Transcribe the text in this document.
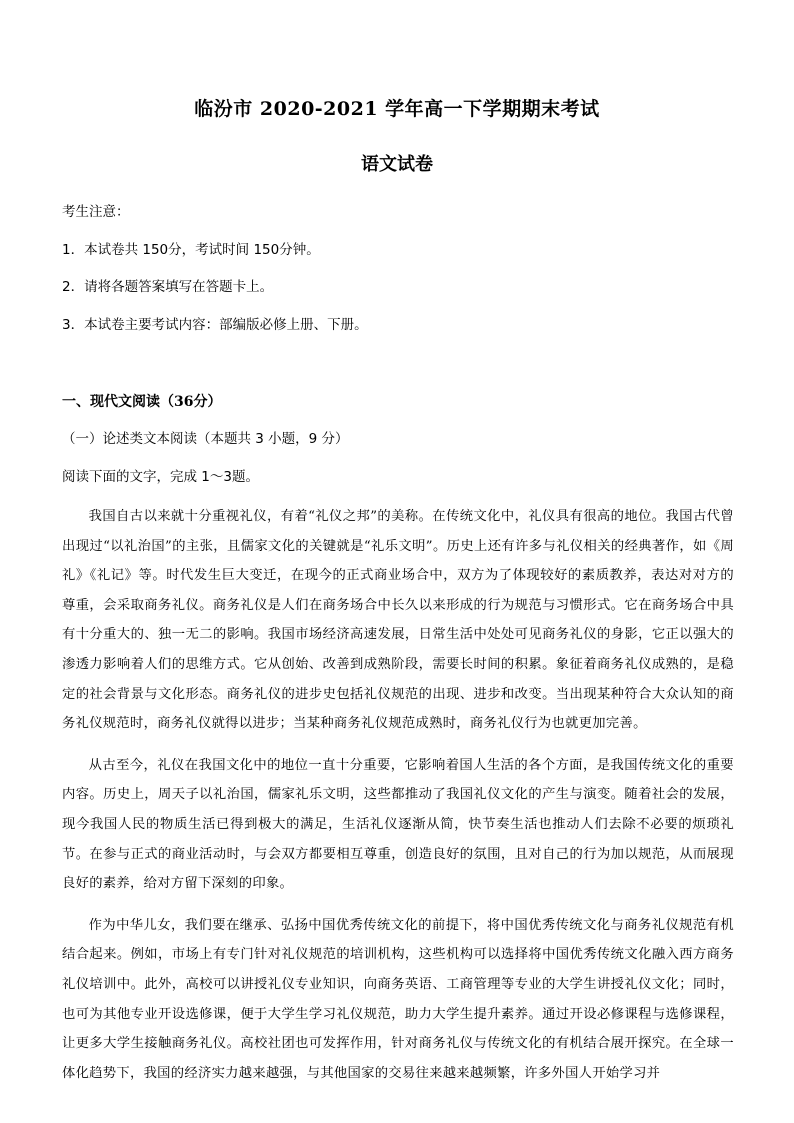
临汾市 2020-2021 学年高一下学期期末考试
语文试卷
考生注意：
1．本试卷共 150分，考试时间 150分钟。
2．请将各题答案填写在答题卡上。
3．本试卷主要考试内容：部编版必修上册、下册。
一、现代文阅读（36分）
（一）论述类文本阅读（本题共 3 小题，9 分）
阅读下面的文字，完成 1～3题。

我国自古以来就十分重视礼仪，有着“礼仪之邦”的美称。在传统文化中，礼仪具有很高的地位。我国古代曾出现过“以礼治国”的主张，且儒家文化的关键就是“礼乐文明”。历史上还有许多与礼仪相关的经典著作，如《周礼》《礼记》等。时代发生巨大变迁，在现今的正式商业场合中，双方为了体现较好的素质教养，表达对对方的尊重，会采取商务礼仪。商务礼仪是人们在商务场合中长久以来形成的行为规范与习惯形式。它在商务场合中具有十分重大的、独一无二的影响。我国市场经济高速发展，日常生活中处处可见商务礼仪的身影，它正以强大的渗透力影响着人们的思维方式。它从创始、改善到成熟阶段，需要长时间的积累。象征着商务礼仪成熟的，是稳定的社会背景与文化形态。商务礼仪的进步史包括礼仪规范的出现、进步和改变。当出现某种符合大众认知的商务礼仪规范时，商务礼仪就得以进步；当某种商务礼仪规范成熟时，商务礼仪行为也就更加完善。

从古至今，礼仪在我国文化中的地位一直十分重要，它影响着国人生活的各个方面，是我国传统文化的重要内容。历史上，周天子以礼治国，儒家礼乐文明，这些都推动了我国礼仪文化的产生与演变。随着社会的发展，现今我国人民的物质生活已得到极大的满足，生活礼仪逐渐从简，快节奏生活也推动人们去除不必要的烦琐礼节。在参与正式的商业活动时，与会双方都要相互尊重，创造良好的氛围，且对自己的行为加以规范，从而展现良好的素养，给对方留下深刻的印象。

作为中华儿女，我们要在继承、弘扬中国优秀传统文化的前提下，将中国优秀传统文化与商务礼仪规范有机结合起来。例如，市场上有专门针对礼仪规范的培训机构，这些机构可以选择将中国优秀传统文化融入西方商务礼仪培训中。此外，高校可以讲授礼仪专业知识，向商务英语、工商管理等专业的大学生讲授礼仪文化；同时，也可为其他专业开设选修课，便于大学生学习礼仪规范，助力大学生提升素养。通过开设必修课程与选修课程，让更多大学生接触商务礼仪。高校社团也可发挥作用，针对商务礼仪与传统文化的有机结合展开探究。在全球一体化趋势下，我国的经济实力越来越强，与其他国家的交易往来越来越频繁，许多外国人开始学习并
